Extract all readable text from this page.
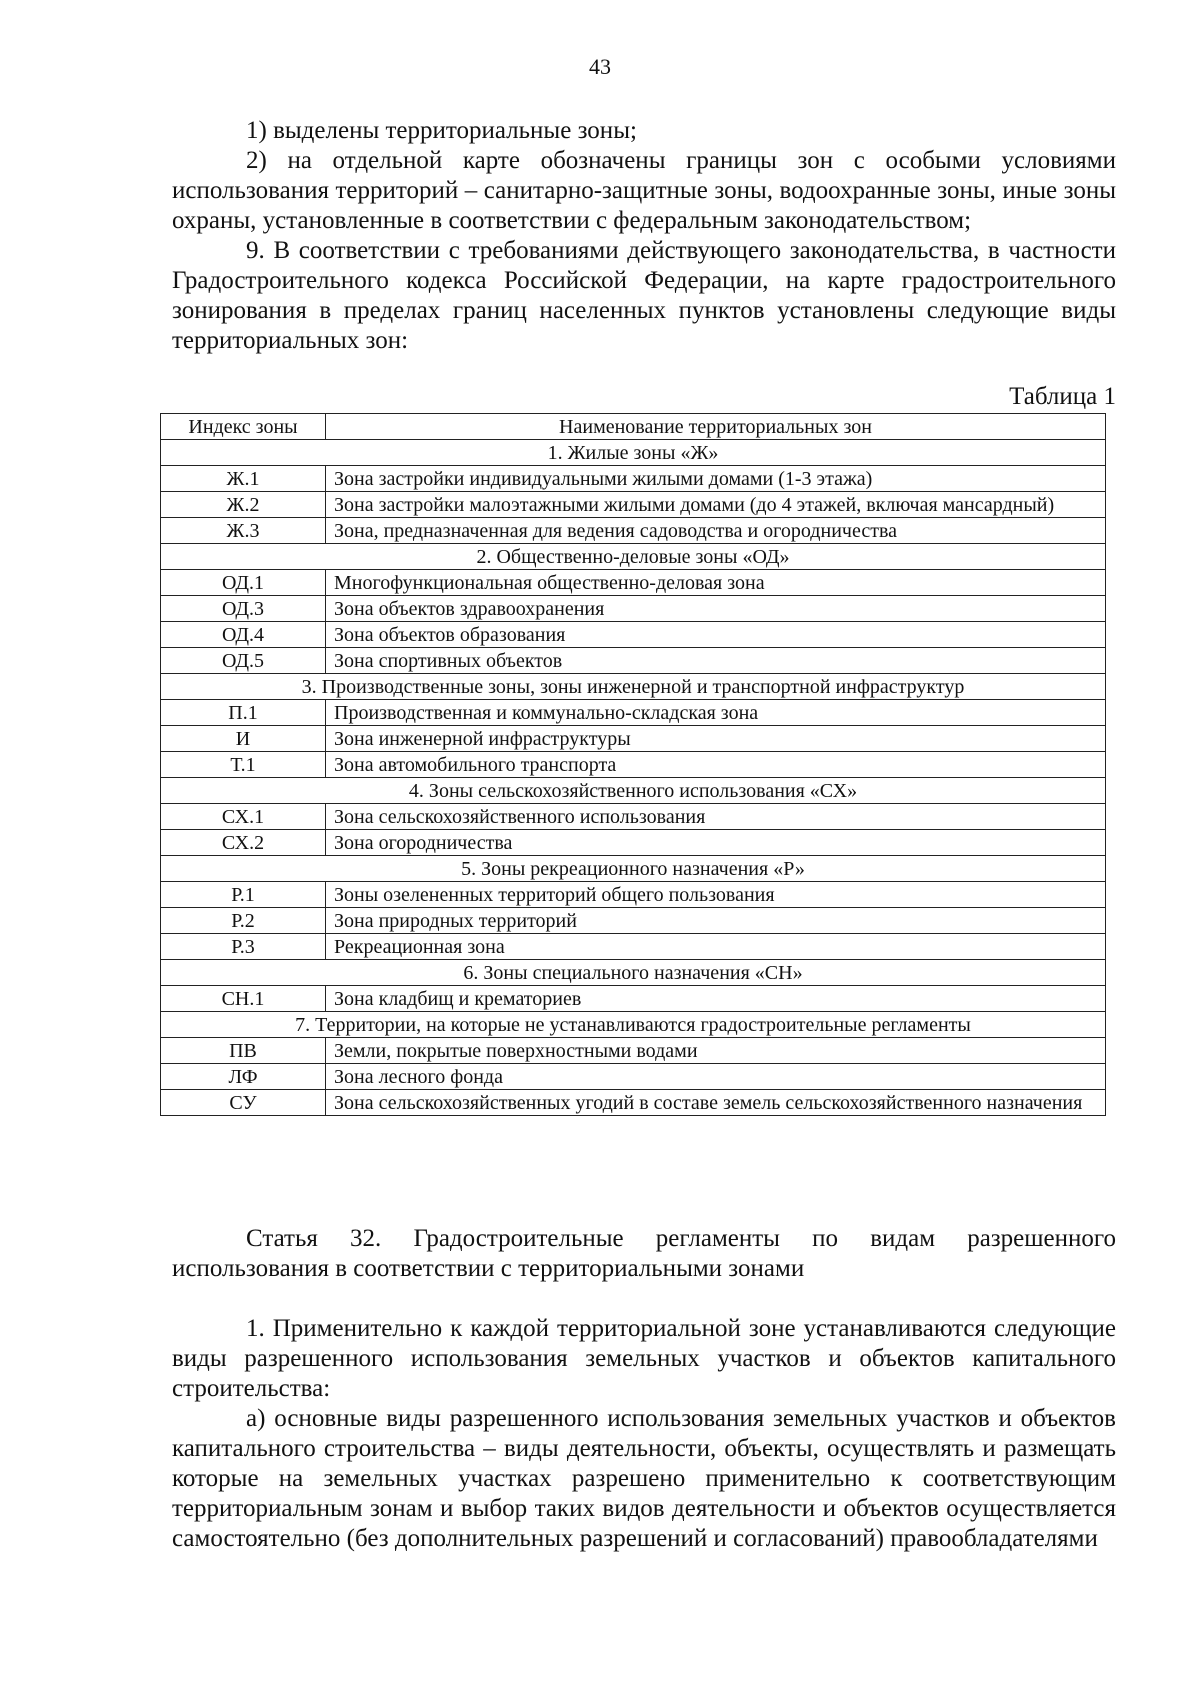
43

1) выделены территориальные зоны;

2) на отдельной карте обозначены границы зон с особыми условиями использования территорий – санитарно-защитные зоны, водоохранные зоны, иные зоны охраны, установленные в соответствии с федеральным законодательством;

9. В соответствии с требованиями действующего законодательства, в частности Градостроительного кодекса Российской Федерации, на карте градостроительного зонирования в пределах границ населенных пунктов установлены следующие виды территориальных зон:

Таблица 1
Индекс зоны	Наименование территориальных зон
1. Жилые зоны «Ж»	
Ж.1	Зона застройки индивидуальными жилыми домами (1-3 этажа)
Ж.2	Зона застройки малоэтажными жилыми домами (до 4 этажей, включая мансардный)
Ж.3	Зона, предназначенная для ведения садоводства и огородничества
2. Общественно-деловые зоны «ОД»	
ОД.1	Многофункциональная общественно-деловая зона
ОД.3	Зона объектов здравоохранения
ОД.4	Зона объектов образования
ОД.5	Зона спортивных объектов
3. Производственные зоны, зоны инженерной и транспортной инфраструктур	
П.1	Производственная и коммунально-складская зона
И	Зона инженерной инфраструктуры
Т.1	Зона автомобильного транспорта
4. Зоны сельскохозяйственного использования «СХ»	
СХ.1	Зона сельскохозяйственного использования
СХ.2	Зона огородничества
5. Зоны рекреационного назначения «Р»	
Р.1	Зоны озелененных территорий общего пользования
Р.2	Зона природных территорий
Р.3	Рекреационная зона
6. Зоны специального назначения «СН»	
СН.1	Зона кладбищ и крематориев
7. Территории, на которые не устанавливаются градостроительные регламенты	
ПВ	Земли, покрытые поверхностными водами
ЛФ	Зона лесного фонда
СУ	Зона сельскохозяйственных угодий в составе земель сельскохозяйственного назначения

Статья 32. Градостроительные регламенты по видам разрешенного использования в соответствии с территориальными зонами

1. Применительно к каждой территориальной зоне устанавливаются следующие виды разрешенного использования земельных участков и объектов капитального строительства:

а) основные виды разрешенного использования земельных участков и объектов капитального строительства – виды деятельности, объекты, осуществлять и размещать которые на земельных участках разрешено применительно к соответствующим территориальным зонам и выбор таких видов деятельности и объектов осуществляется самостоятельно (без дополнительных разрешений и согласований) правообладателями
